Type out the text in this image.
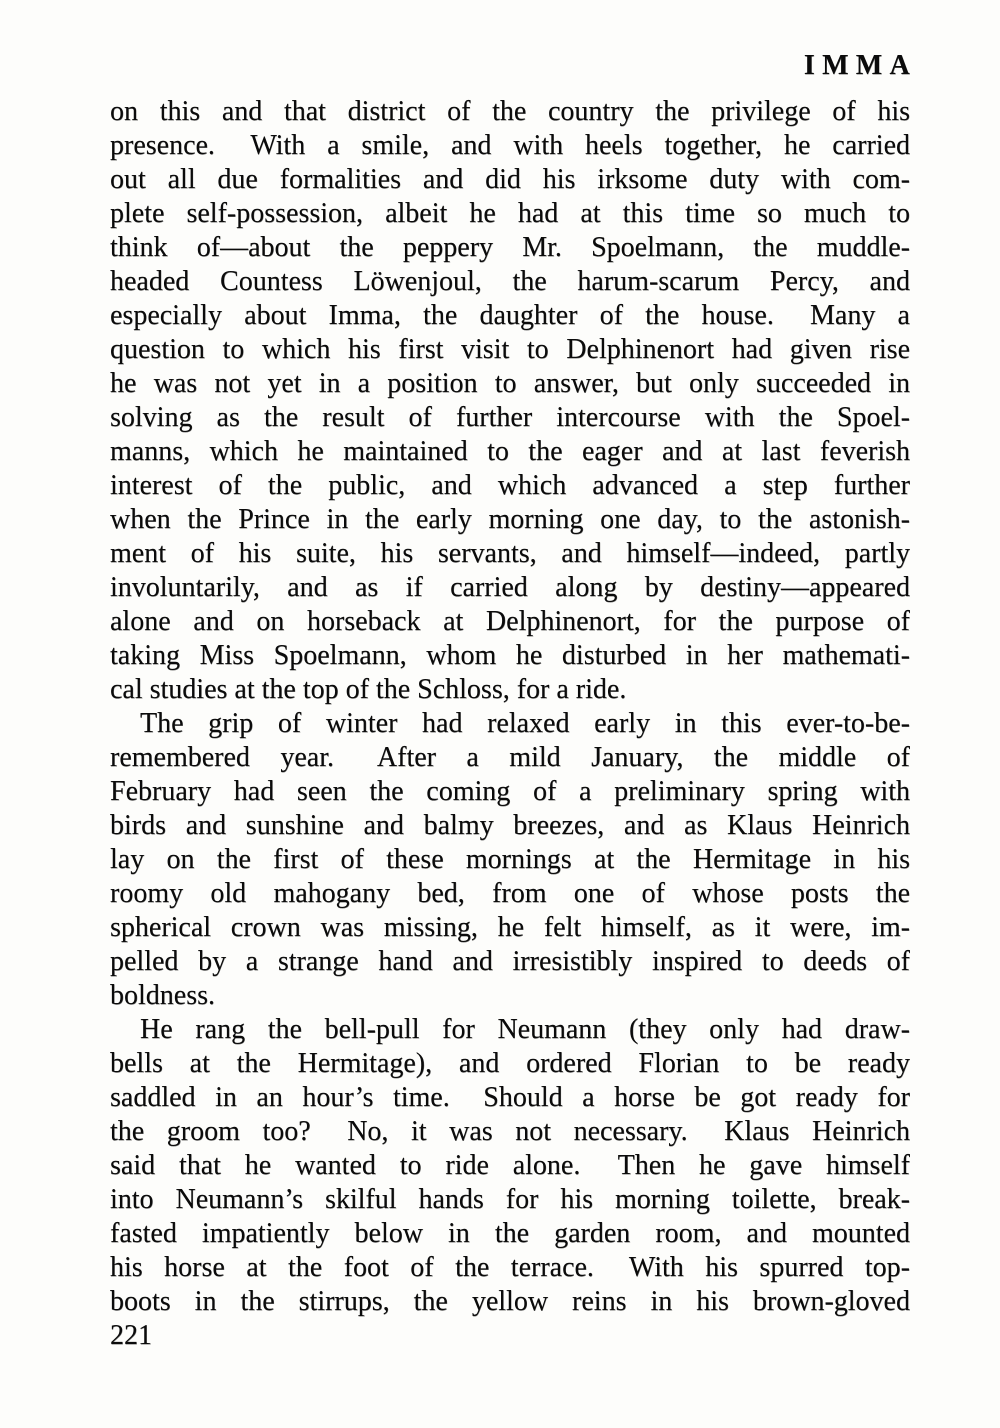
IMMA
on this and that district of the country the privilege of his
presence.  With a smile, and with heels together, he carried
out all due formalities and did his irksome duty with com-
plete self-possession, albeit he had at this time so much to
think of—about the peppery Mr. Spoelmann, the muddle-
headed Countess Löwenjoul, the harum-scarum Percy, and
especially about Imma, the daughter of the house.  Many a
question to which his first visit to Delphinenort had given rise
he was not yet in a position to answer, but only succeeded in
solving as the result of further intercourse with the Spoel-
manns, which he maintained to the eager and at last feverish
interest of the public, and which advanced a step further
when the Prince in the early morning one day, to the astonish-
ment of his suite, his servants, and himself—indeed, partly
involuntarily, and as if carried along by destiny—appeared
alone and on horseback at Delphinenort, for the purpose of
taking Miss Spoelmann, whom he disturbed in her mathemati-
cal studies at the top of the Schloss, for a ride.
The grip of winter had relaxed early in this ever-to-be-
remembered year.  After a mild January, the middle of
February had seen the coming of a preliminary spring with
birds and sunshine and balmy breezes, and as Klaus Heinrich
lay on the first of these mornings at the Hermitage in his
roomy old mahogany bed, from one of whose posts the
spherical crown was missing, he felt himself, as it were, im-
pelled by a strange hand and irresistibly inspired to deeds of
boldness.
He rang the bell-pull for Neumann (they only had draw-
bells at the Hermitage), and ordered Florian to be ready
saddled in an hour’s time.  Should a horse be got ready for
the groom too?  No, it was not necessary.  Klaus Heinrich
said that he wanted to ride alone.  Then he gave himself
into Neumann’s skilful hands for his morning toilette, break-
fasted impatiently below in the garden room, and mounted
his horse at the foot of the terrace.  With his spurred top-
boots in the stirrups, the yellow reins in his brown-gloved
221
